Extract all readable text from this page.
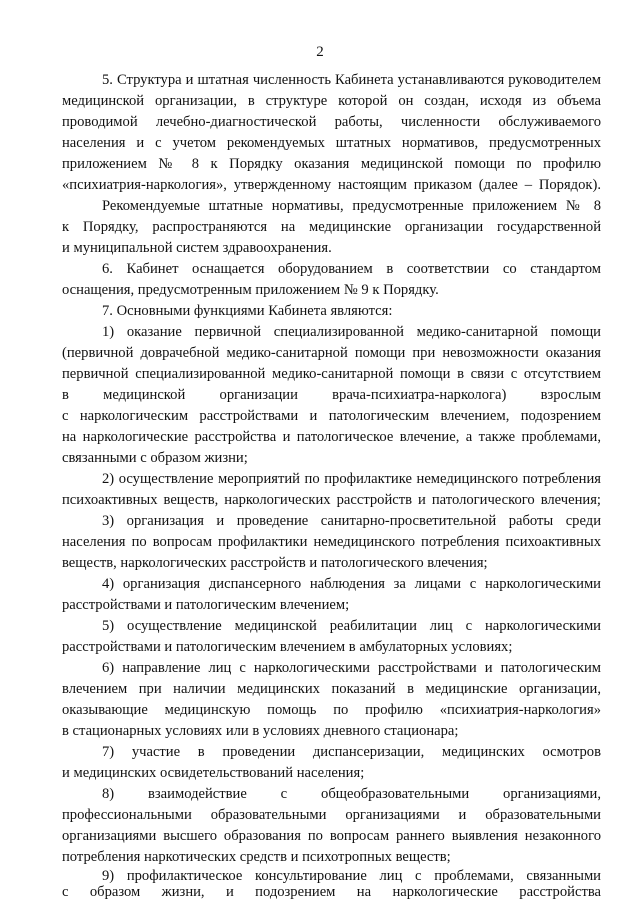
2
5. Структура и штатная численность Кабинета устанавливаются руководителем
медицинской организации, в структуре которой он создан, исходя из объема
проводимой лечебно-диагностической работы, численности обслуживаемого
населения и с учетом рекомендуемых штатных нормативов, предусмотренных
приложением № 8 к Порядку оказания медицинской помощи по профилю
«психиатрия-наркология», утвержденному настоящим приказом (далее – Порядок).
Рекомендуемые штатные нормативы, предусмотренные приложением № 8
к Порядку, распространяются на медицинские организации государственной
и муниципальной систем здравоохранения.
6. Кабинет оснащается оборудованием в соответствии со стандартом
оснащения, предусмотренным приложением № 9 к Порядку.
7. Основными функциями Кабинета являются:
1) оказание первичной специализированной медико-санитарной помощи
(первичной доврачебной медико-санитарной помощи при невозможности оказания
первичной специализированной медико-санитарной помощи в связи с отсутствием
в медицинской организации врача-психиатра-нарколога) взрослым
с наркологическим расстройствами и патологическим влечением, подозрением
на наркологические расстройства и патологическое влечение, а также проблемами,
связанными с образом жизни;
2) осуществление мероприятий по профилактике немедицинского потребления
психоактивных веществ, наркологических расстройств и патологического влечения;
3) организация и проведение санитарно-просветительной работы среди
населения по вопросам профилактики немедицинского потребления психоактивных
веществ, наркологических расстройств и патологического влечения;
4) организация диспансерного наблюдения за лицами с наркологическими
расстройствами и патологическим влечением;
5) осуществление медицинской реабилитации лиц с наркологическими
расстройствами и патологическим влечением в амбулаторных условиях;
6) направление лиц с наркологическими расстройствами и патологическим
влечением при наличии медицинских показаний в медицинские организации,
оказывающие медицинскую помощь по профилю «психиатрия-наркология»
в стационарных условиях или в условиях дневного стационара;
7) участие в проведении диспансеризации, медицинских осмотров
и медицинских освидетельствований населения;
8) взаимодействие с общеобразовательными организациями,
профессиональными образовательными организациями и образовательными
организациями высшего образования по вопросам раннего выявления незаконного
потребления наркотических средств и психотропных веществ;
9) профилактическое консультирование лиц с проблемами, связанными
с образом жизни, и подозрением на наркологические расстройства
